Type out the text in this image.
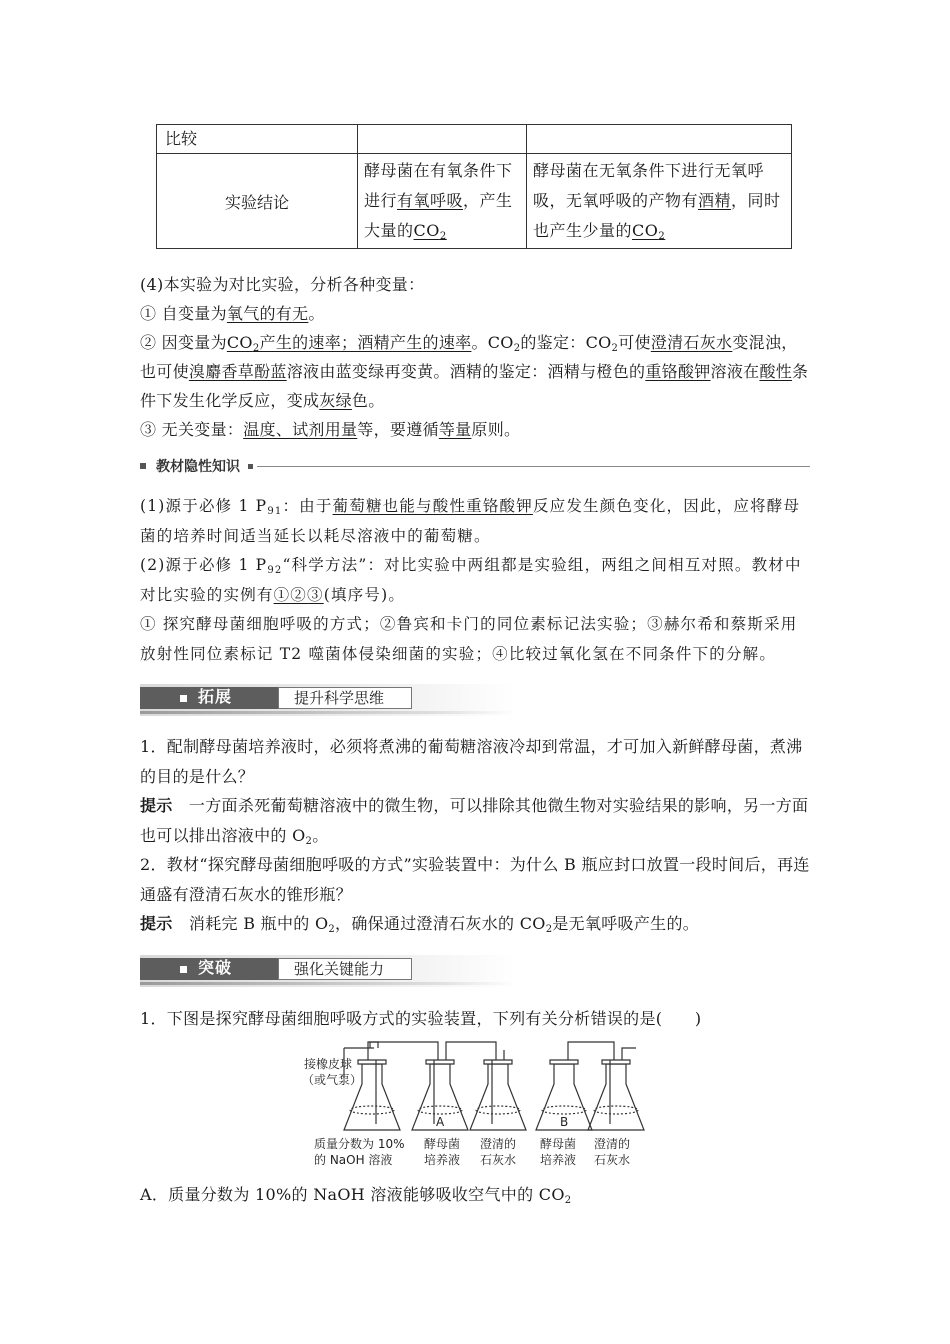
比较		

实验结论	酵母菌在有氧条件下进行有氧呼吸，产生大量的$CO_2$	酵母菌在无氧条件下进行无氧呼吸，无氧呼吸的产物有酒精，同时也产生少量的$CO_2$

(4)本实验为对比实验，分析各种变量：

① 自变量为氧气的有无。

② 因变量为$CO_2$产生的速率；酒精产生的速率。$CO_2$的鉴定：$CO_2$可使澄清石灰水变混浊，也可使溴麝香草酚蓝溶液由蓝变绿再变黄。酒精的鉴定：酒精与橙色的重铬酸钾溶液在酸性条件下发生化学反应，变成灰绿色。

③ 无关变量：温度、试剂用量等，要遵循等量原则。

教材隐性知识

(1)源于必修 1 $P_{91}$：由于葡萄糖也能与酸性重铬酸钾反应发生颜色变化，因此，应将酵母菌的培养时间适当延长以耗尽溶液中的葡萄糖。

(2)源于必修 1 $P_{92}“$科学方法”：对比实验中两组都是实验组，两组之间相互对照。教材中对比实验的实例有①②③(填序号)。

① 探究酵母菌细胞呼吸的方式；②鲁宾和卡门的同位素标记法实验；③赫尔希和蔡斯采用放射性同位素标记 T2 噬菌体侵染细菌的实验；④比较过氧化氢在不同条件下的分解。

拓展	提升科学思维

1．配制酵母菌培养液时，必须将煮沸的葡萄糖溶液冷却到常温，才可加入新鲜酵母菌，煮沸的目的是什么？

提示　 一方面杀死葡萄糖溶液中的微生物，可以排除其他微生物对实验结果的影响，另一方面也可以排出溶液中的 $O_2$。

2．教材“探究酵母菌细胞呼吸的方式”实验装置中：为什么 B 瓶应封口放置一段时间后，再连通盛有澄清石灰水的锥形瓶？

提示　 消耗完 B 瓶中的 $O_2$，确保通过澄清石灰水的 $CO_2$是无氧呼吸产生的。

突破	强化关键能力

1．下图是探究酵母菌细胞呼吸方式的实验装置，下列有关分析错误的是(　　)

接橡皮球
（或气泵）
A	B
质量分数为 10%
的 NaOH 溶液
酵母菌
培养液
澄清的
石灰水
酵母菌
培养液
澄清的
石灰水

A．质量分数为 10%的 NaOH 溶液能够吸收空气中的 $CO_2$
